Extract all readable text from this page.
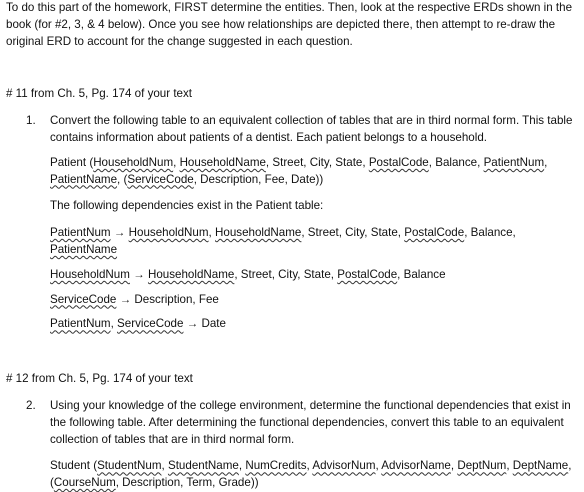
To do this part of the homework, FIRST determine the entities. Then, look at the respective ERDs shown in the book (for #2, 3, & 4 below). Once you see how relationships are depicted there, then attempt to re-draw the original ERD to account for the change suggested in each question.

# 11 from Ch. 5, Pg. 174 of your text

1.	Convert the following table to an equivalent collection of tables that are in third normal form. This table contains information about patients of a dentist. Each patient belongs to a household.

Patient (HouseholdNum, HouseholdName, Street, City, State, PostalCode, Balance, PatientNum, PatientName, (ServiceCode, Description, Fee, Date))

The following dependencies exist in the Patient table:

PatientNum → HouseholdNum, HouseholdName, Street, City, State, PostalCode, Balance, PatientName

HouseholdNum → HouseholdName, Street, City, State, PostalCode, Balance

ServiceCode → Description, Fee

PatientNum, ServiceCode → Date

# 12 from Ch. 5, Pg. 174 of your text

2.	Using your knowledge of the college environment, determine the functional dependencies that exist in the following table. After determining the functional dependencies, convert this table to an equivalent collection of tables that are in third normal form.

Student (StudentNum, StudentName, NumCredits, AdvisorNum, AdvisorName, DeptNum, DeptName, (CourseNum, Description, Term, Grade))
